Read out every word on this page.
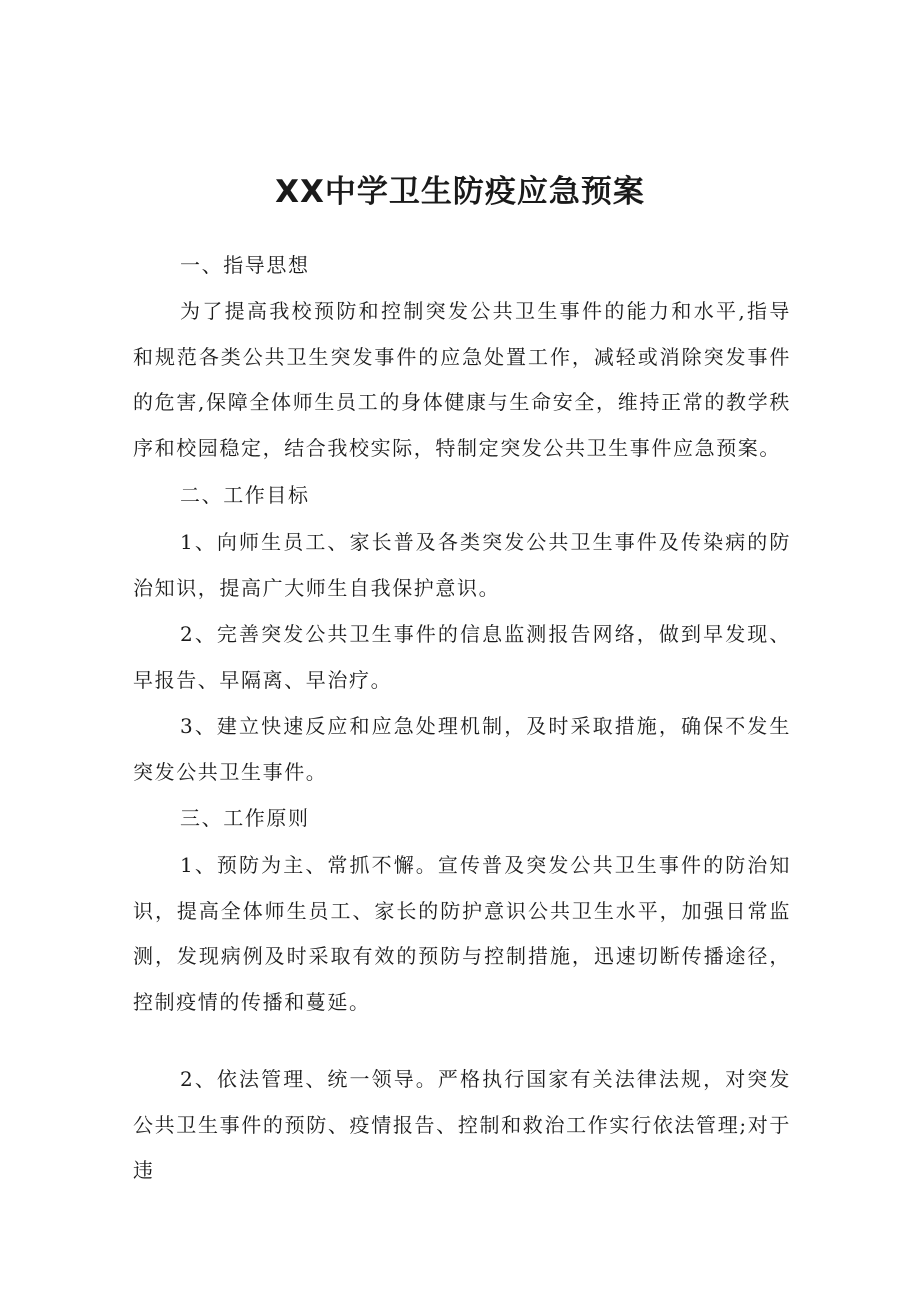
XX中学卫生防疫应急预案

一、指导思想

为了提高我校预防和控制突发公共卫生事件的能力和水平,指导和规范各类公共卫生突发事件的应急处置工作，减轻或消除突发事件的危害,保障全体师生员工的身体健康与生命安全，维持正常的教学秩序和校园稳定，结合我校实际，特制定突发公共卫生事件应急预案。

二、工作目标

1、向师生员工、家长普及各类突发公共卫生事件及传染病的防治知识，提高广大师生自我保护意识。

2、完善突发公共卫生事件的信息监测报告网络，做到早发现、早报告、早隔离、早治疗。

3、建立快速反应和应急处理机制，及时采取措施，确保不发生突发公共卫生事件。

三、工作原则

1、预防为主、常抓不懈。宣传普及突发公共卫生事件的防治知识，提高全体师生员工、家长的防护意识公共卫生水平，加强日常监测，发现病例及时采取有效的预防与控制措施，迅速切断传播途径，控制疫情的传播和蔓延。

2、依法管理、统一领导。严格执行国家有关法律法规，对突发公共卫生事件的预防、疫情报告、控制和救治工作实行依法管理;对于违
